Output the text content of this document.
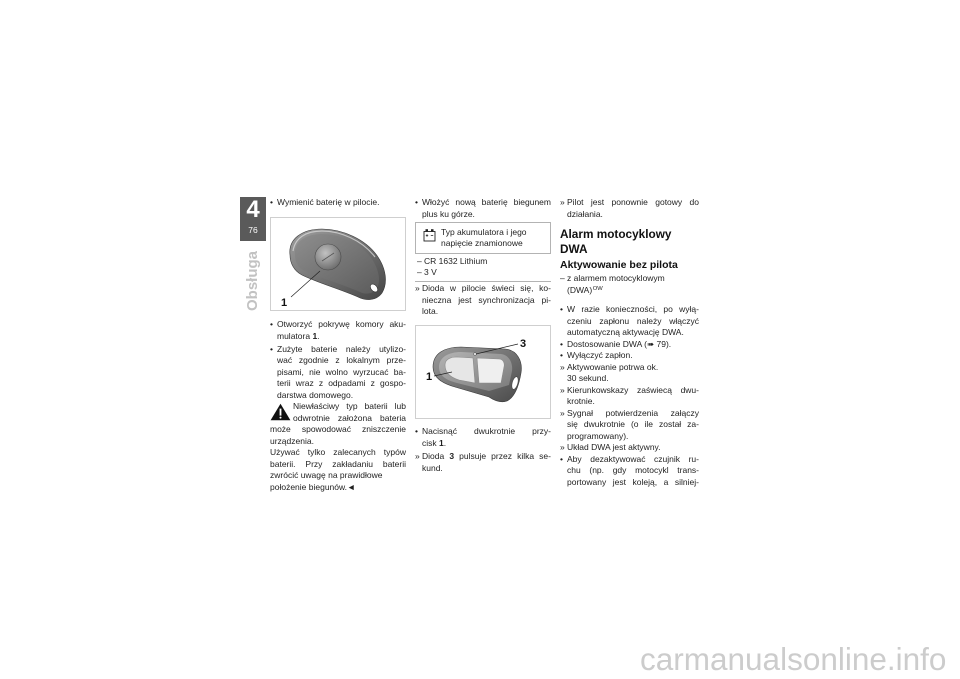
4
76
Obsługa
• Wymienić baterię w pilocie.
1
• Otworzyć pokrywę komory aku-
mulatora 1.
• Zużyte baterie należy utylizo-
wać zgodnie z lokalnym prze-
pisami, nie wolno wyrzucać ba-
terii wraz z odpadami z gospo-
darstwa domowego.
Niewłaściwy typ baterii lub
odwrotnie założona bateria
może spowodować zniszczenie
urządzenia.
Używać tylko zalecanych typów
baterii. Przy zakładaniu baterii
zwrócić uwagę na prawidłowe
położenie biegunów.◄
• Włożyć nową baterię biegunem
plus ku górze.
Typ akumulatora i jego
napięcie znamionowe
– CR 1632 Lithium
– 3 V
» Dioda w pilocie świeci się, ko-
nieczna jest synchronizacja pi-
lota.
3
1
• Nacisnąć dwukrotnie przy-
cisk 1.
» Dioda 3 pulsuje przez kilka se-
kund.
» Pilot jest ponownie gotowy do
działania.
Alarm motocyklowy
DWA
Aktywowanie bez pilota
– z alarmem motocyklowym
(DWA)$^{OW}$
• W razie konieczności, po wyłą-
czeniu zapłonu należy włączyć
automatyczną aktywację DWA.
• Dostosowanie DWA (➠ 79).
• Wyłączyć zapłon.
» Aktywowanie potrwa ok.
30 sekund.
» Kierunkowskazy zaświecą dwu-
krotnie.
» Sygnał potwierdzenia załączy
się dwukrotnie (o ile został za-
programowany).
» Układ DWA jest aktywny.
• Aby dezaktywować czujnik ru-
chu (np. gdy motocykl trans-
portowany jest koleją, a silniej-
carmanualsonline.info
